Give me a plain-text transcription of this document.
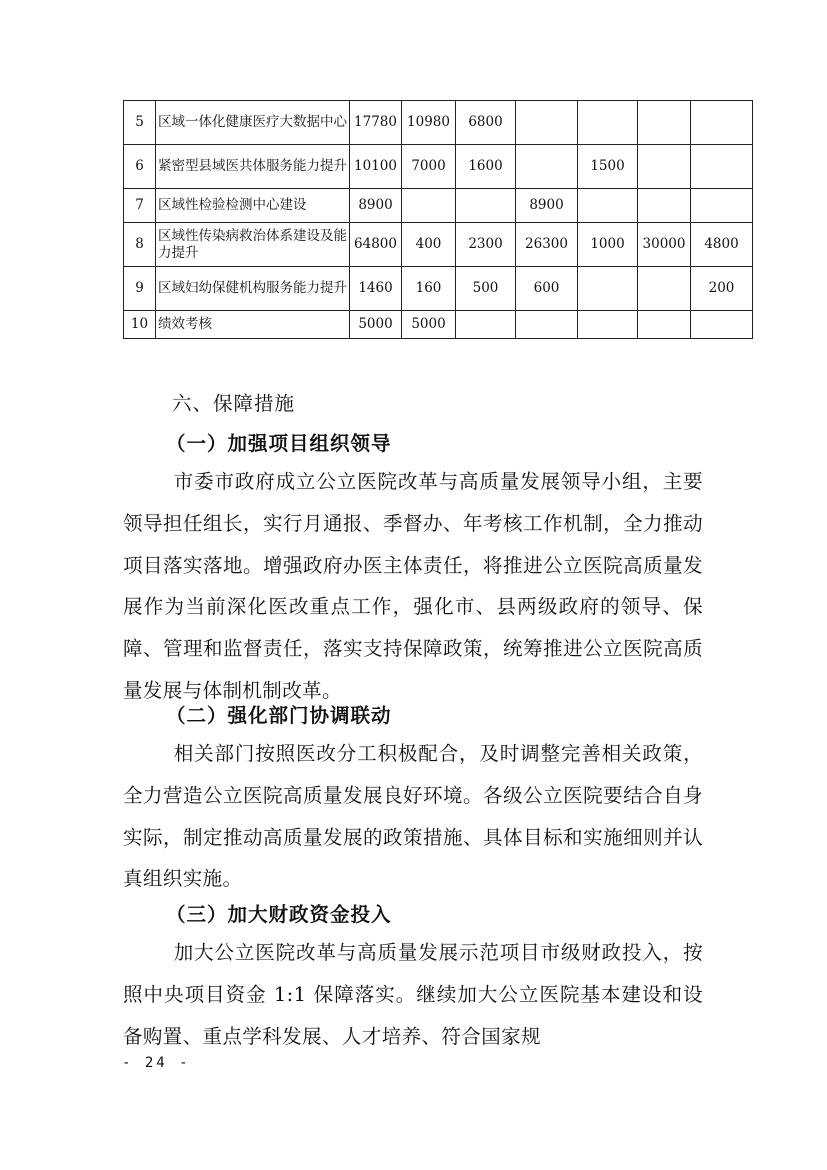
5	区域一体化健康医疗大数据中心	17780	10980	6800				
6	紧密型县域医共体服务能力提升	10100	7000	1600		1500		
7	区域性检验检测中心建设	8900			8900			
8	区域性传染病救治体系建设及能力提升	64800	400	2300	26300	1000	30000	4800
9	区域妇幼保健机构服务能力提升	1460	160	500	600			200
10	绩效考核	5000	5000					
六、保障措施
（一）加强项目组织领导

市委市政府成立公立医院改革与高质量发展领导小组，主要领导担任组长，实行月通报、季督办、年考核工作机制，全力推动项目落实落地。增强政府办医主体责任，将推进公立医院高质量发展作为当前深化医改重点工作，强化市、县两级政府的领导、保障、管理和监督责任，落实支持保障政策，统筹推进公立医院高质量发展与体制机制改革。

（二）强化部门协调联动

相关部门按照医改分工积极配合，及时调整完善相关政策，全力营造公立医院高质量发展良好环境。各级公立医院要结合自身实际，制定推动高质量发展的政策措施、具体目标和实施细则并认真组织实施。

（三）加大财政资金投入

加大公立医院改革与高质量发展示范项目市级财政投入，按照中央项目资金 1:1 保障落实。继续加大公立医院基本建设和设备购置、重点学科发展、人才培养、符合国家规

- 24 -
